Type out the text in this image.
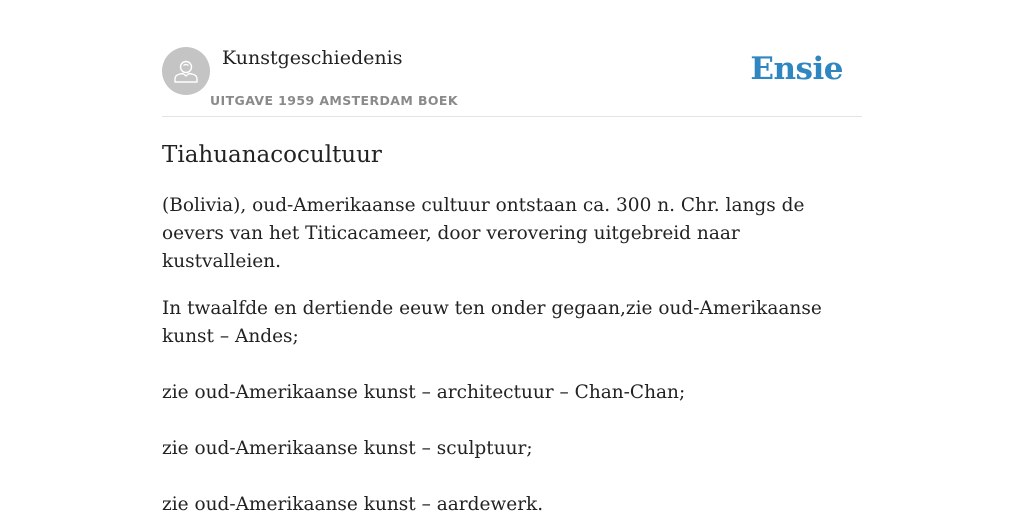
Kunstgeschiedenis
UITGAVE 1959 AMSTERDAM BOEK
Ensie
Tiahuanacocultuur

(Bolivia), oud-Amerikaanse cultuur ontstaan ca. 300 n. Chr. langs de oevers van het Titicacameer, door verovering uitgebreid naar kustvalleien.

In twaalfde en dertiende eeuw ten onder gegaan,zie oud-Amerikaanse kunst – Andes;

zie oud-Amerikaanse kunst – architectuur – Chan-Chan;

zie oud-Amerikaanse kunst – sculptuur;

zie oud-Amerikaanse kunst – aardewerk.
